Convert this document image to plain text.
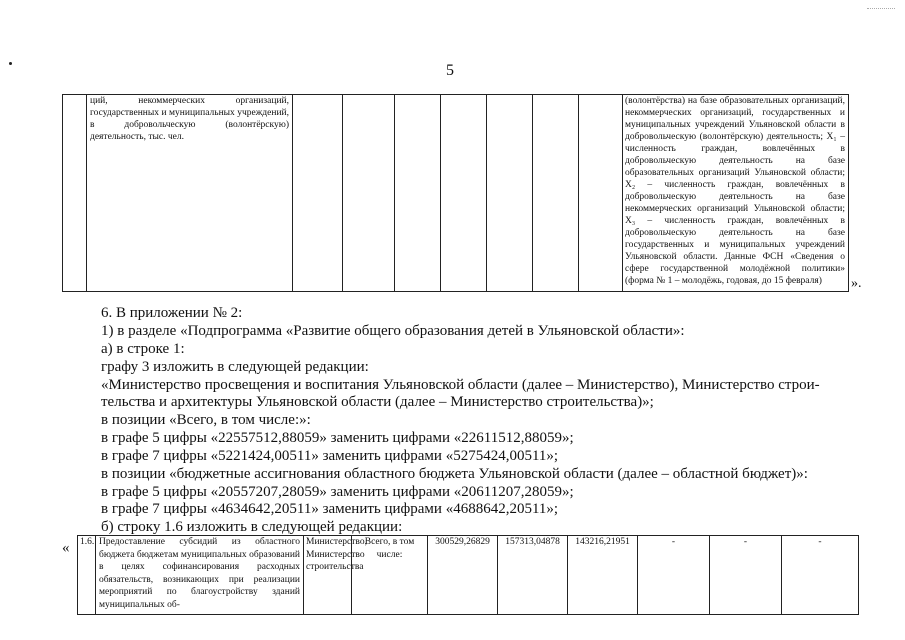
5
	ций, некоммерческих организаций, государственных и муниципальных учреждений, в добровольческую (волонтёрскую) деятельность, тыс. чел.								(волонтёрства) на базе образовательных организаций, некоммерческих организаций, государственных и муниципальных учреждений Ульяновской области в добровольческую (волонтёрскую) деятельность; X₁ – численность граждан, вовлечённых в добровольческую деятельность на базе образовательных организаций Ульяновской области; X₂ – численность граждан, вовлечённых в добровольческую деятельность на базе некоммерческих организаций Ульяновской области; X₃ – численность граждан, вовлечённых в добровольческую деятельность на базе государственных и муниципальных учреждений Ульяновской области. Данные ФСН «Сведения о сфере государственной молодёжной политики» (форма № 1 – молодёжь, годовая, до 15 февраля) ».
6. В приложении № 2:
1) в разделе «Подпрограмма «Развитие общего образования детей в Ульяновской области»:
а) в строке 1:
графу 3 изложить в следующей редакции:
«Министерство просвещения и воспитания Ульяновской области (далее – Министерство), Министерство строи-
тельства и архитектуры Ульяновской области (далее – Министерство строительства)»;
в позиции «Всего, в том числе:»:
в графе 5 цифры «22557512,88059» заменить цифрами «22611512,88059»;
в графе 7 цифры «5221424,00511» заменить цифрами «5275424,00511»;
в позиции «бюджетные ассигнования областного бюджета Ульяновской области (далее – областной бюджет)»:
в графе 5 цифры «20557207,28059» заменить цифрами «20611207,28059»;
в графе 7 цифры «4634642,20511» заменить цифрами «4688642,20511»;
б) строку 1.6 изложить в следующей редакции:
« 1.6.	Предоставление субсидий из областного бюджета бюджетам муниципальных образований в целях софинансирования расходных обязательств, возникающих при реализации мероприятий по благоустройству зданий муниципальных об-	Министерство, Министерство строительства	Всего, в том числе:	300529,26829	157313,04878	143216,21951	-	-	-
